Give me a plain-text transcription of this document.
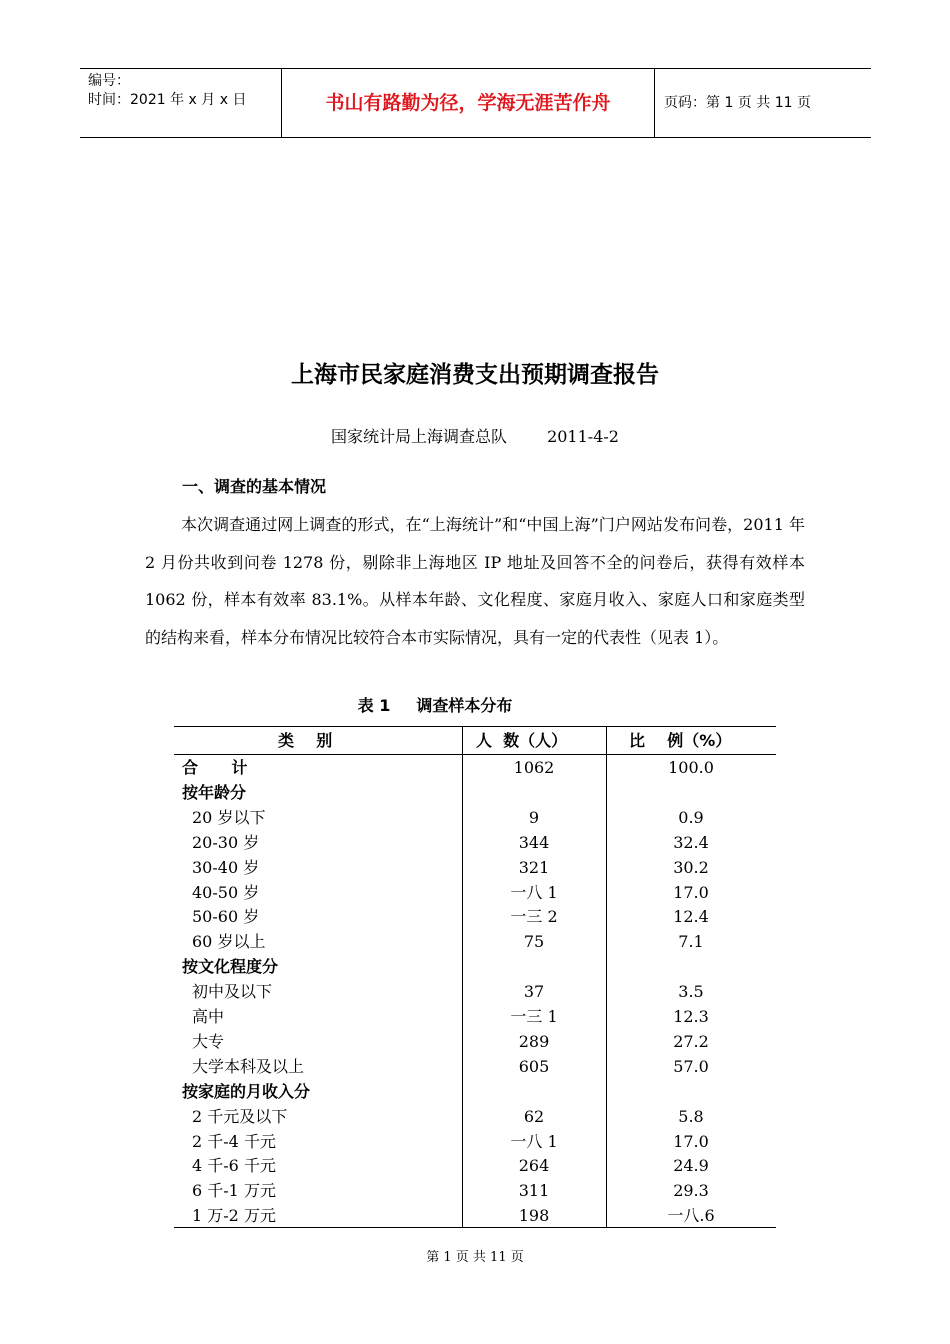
编号：
时间：2021 年 x 月 x 日	书山有路勤为径，学海无涯苦作舟	页码：第 1 页 共 11 页
上海市民家庭消费支出预期调查报告
国家统计局上海调查总队	2011-4-2
一、调查的基本情况

本次调查通过网上调查的形式，在“上海统计”和“中国上海”门户网站发布问卷，2011 年 2 月份共收到问卷 1278 份，剔除非上海地区 IP 地址及回答不全的问卷后，获得有效样本 1062 份，样本有效率 83.1%。从样本年龄、文化程度、家庭月收入、家庭人口和家庭类型的结构来看，样本分布情况比较符合本市实际情况，具有一定的代表性（见表 1）。

表 1 调查样本分布
类    别	人  数（人）	比    例（%）
合      计	1062	100.0
按年龄分
20 岁以下	9	0.9
20-30 岁	344	32.4
30-40 岁	321	30.2
40-50 岁	一八 1	17.0
50-60 岁	一三 2	12.4
60 岁以上	75	7.1
按文化程度分
初中及以下	37	3.5
高中	一三 1	12.3
大专	289	27.2
大学本科及以上	605	57.0
按家庭的月收入分
2 千元及以下	62	5.8
2 千-4 千元	一八 1	17.0
4 千-6 千元	264	24.9
6 千-1 万元	311	29.3
1 万-2 万元	198	一八.6
第 1 页 共 11 页
